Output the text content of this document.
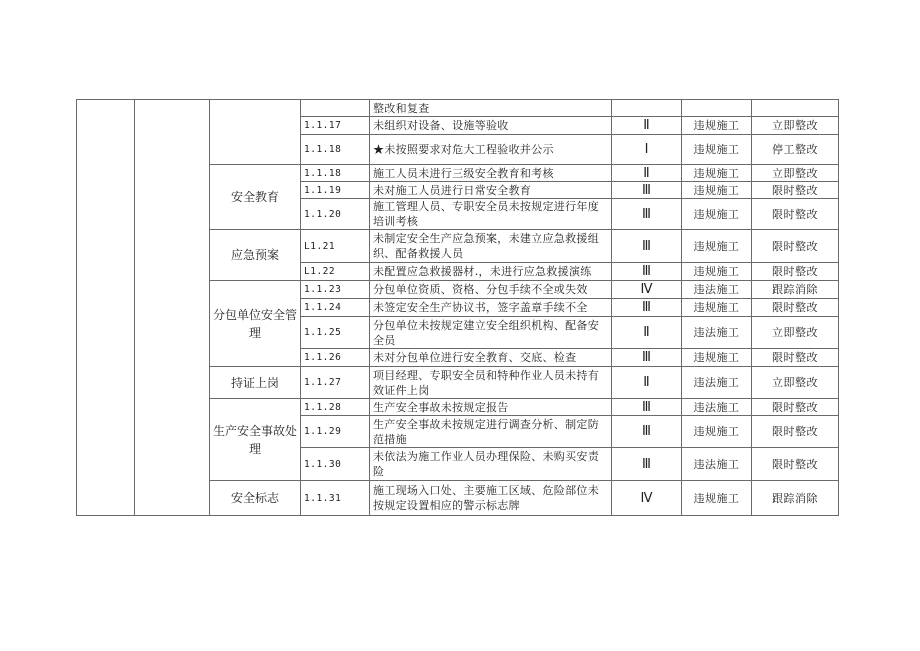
				整改和复查			
			1.1.17	未组织对设备、设施等验收	Ⅱ	违规施工	立即整改
			1.1.18	★未按照要求对危大工程验收并公示	Ⅰ	违规施工	停工整改
		安全教育	1.1.18	施工人员未进行三级安全教育和考核	Ⅱ	违规施工	立即整改
			1.1.19	未对施工人员进行日常安全教育	Ⅲ	违规施工	限时整改
			1.1.20	施工管理人员、专职安全员未按规定进行年度培训考核	Ⅲ	违规施工	限时整改
		应急预案	L1.21	未制定安全生产应急预案，未建立应急救援组织、配备救援人员	Ⅲ	违规施工	限时整改
			L1.22	未配置应急救援器材.，未进行应急救援演练	Ⅲ	违规施工	限时整改
		分包单位安全管理	1.1.23	分包单位资质、资格、分包手续不全或失效	Ⅳ	违法施工	跟踪消除
			1.1.24	未签定安全生产协议书，签字盖章手续不全	Ⅲ	违规施工	限时整改
			1.1.25	分包单位未按规定建立安全组织机构、配备安全员	Ⅱ	违法施工	立即整改
			1.1.26	未对分包单位进行安全教育、交底、检查	Ⅲ	违规施工	限时整改
		持证上岗	1.1.27	项目经理、专职安全员和特种作业人员未持有效证件上岗	Ⅱ	违法施工	立即整改
		生产安全事故处理	1.1.28	生产安全事故未按规定报告	Ⅲ	违法施工	限时整改
			1.1.29	生产安全事故未按规定进行调查分析、制定防范措施	Ⅲ	违规施工	限时整改
			1.1.30	未依法为施工作业人员办理保险、未购买安责险	Ⅲ	违法施工	限时整改
		安全标志	1.1.31	施工现场入口处、主要施工区域、危险部位未按规定设置相应的警示标志牌	Ⅳ	违规施工	跟踪消除
